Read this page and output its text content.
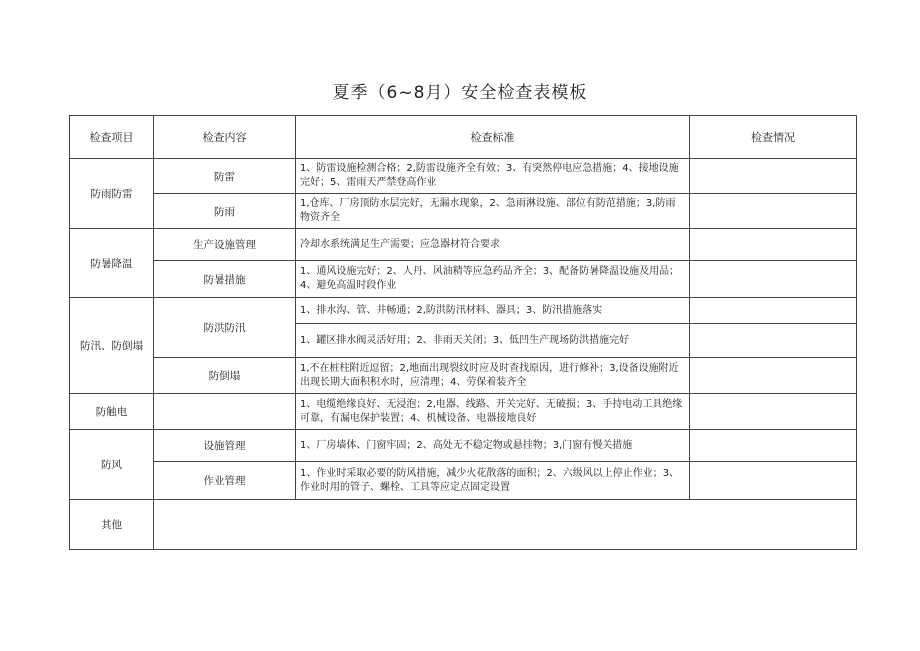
夏季（6~8月）安全检查表模板
检查项目	检查内容	检查标准	检查情况
防雨防雷	防雷	1、防雷设施检测合格；2,防雷设施齐全有效；3、有突然停电应急措施；4、接地设施完好；5、雷雨天严禁登高作业	
	防雨	1,仓库、厂房顶防水层完好，无漏水现象，2、急雨淋设施、部位有防范措施；3,防雨物资齐全	
防暑降温	生产设施管理	冷却水系统满足生产需要；应急器材符合要求	
	防暑措施	1、通风设施完好；2、人丹、风油精等应急药品齐全；3、配备防暑降温设施及用品；4、避免高温时段作业	
防汛、防倒塌	防洪防汛	1、排水沟、管、井畅通；2,防洪防汛材料、器具；3、防汛措施落实	
		1、罐区排水阀灵活好用；2、非雨天关闭；3、低凹生产现场防洪措施完好	
	防倒塌	1,不在桩柱附近逗留；2,地面出现裂纹时应及时查找原因，进行修补；3,设备设施附近出现长期大面积积水时，应清理；4、劳保着装齐全	
防触电		1、电缆绝缘良好、无浸泡；2,电器、线路、开关完好、无破损；3、手持电动工具绝缘可靠，有漏电保护装置；4、机械设备、电器接地良好	
防风	设施管理	1、厂房墙体、门窗牢固；2、高处无不稳定物或悬挂物；3,门窗有慢关措施	
	作业管理	1、作业时采取必要的防风措施，减少火花散落的面积；2、六级风以上停止作业；3、作业时用的管子、螺栓、工具等应定点固定设置	
其他			
